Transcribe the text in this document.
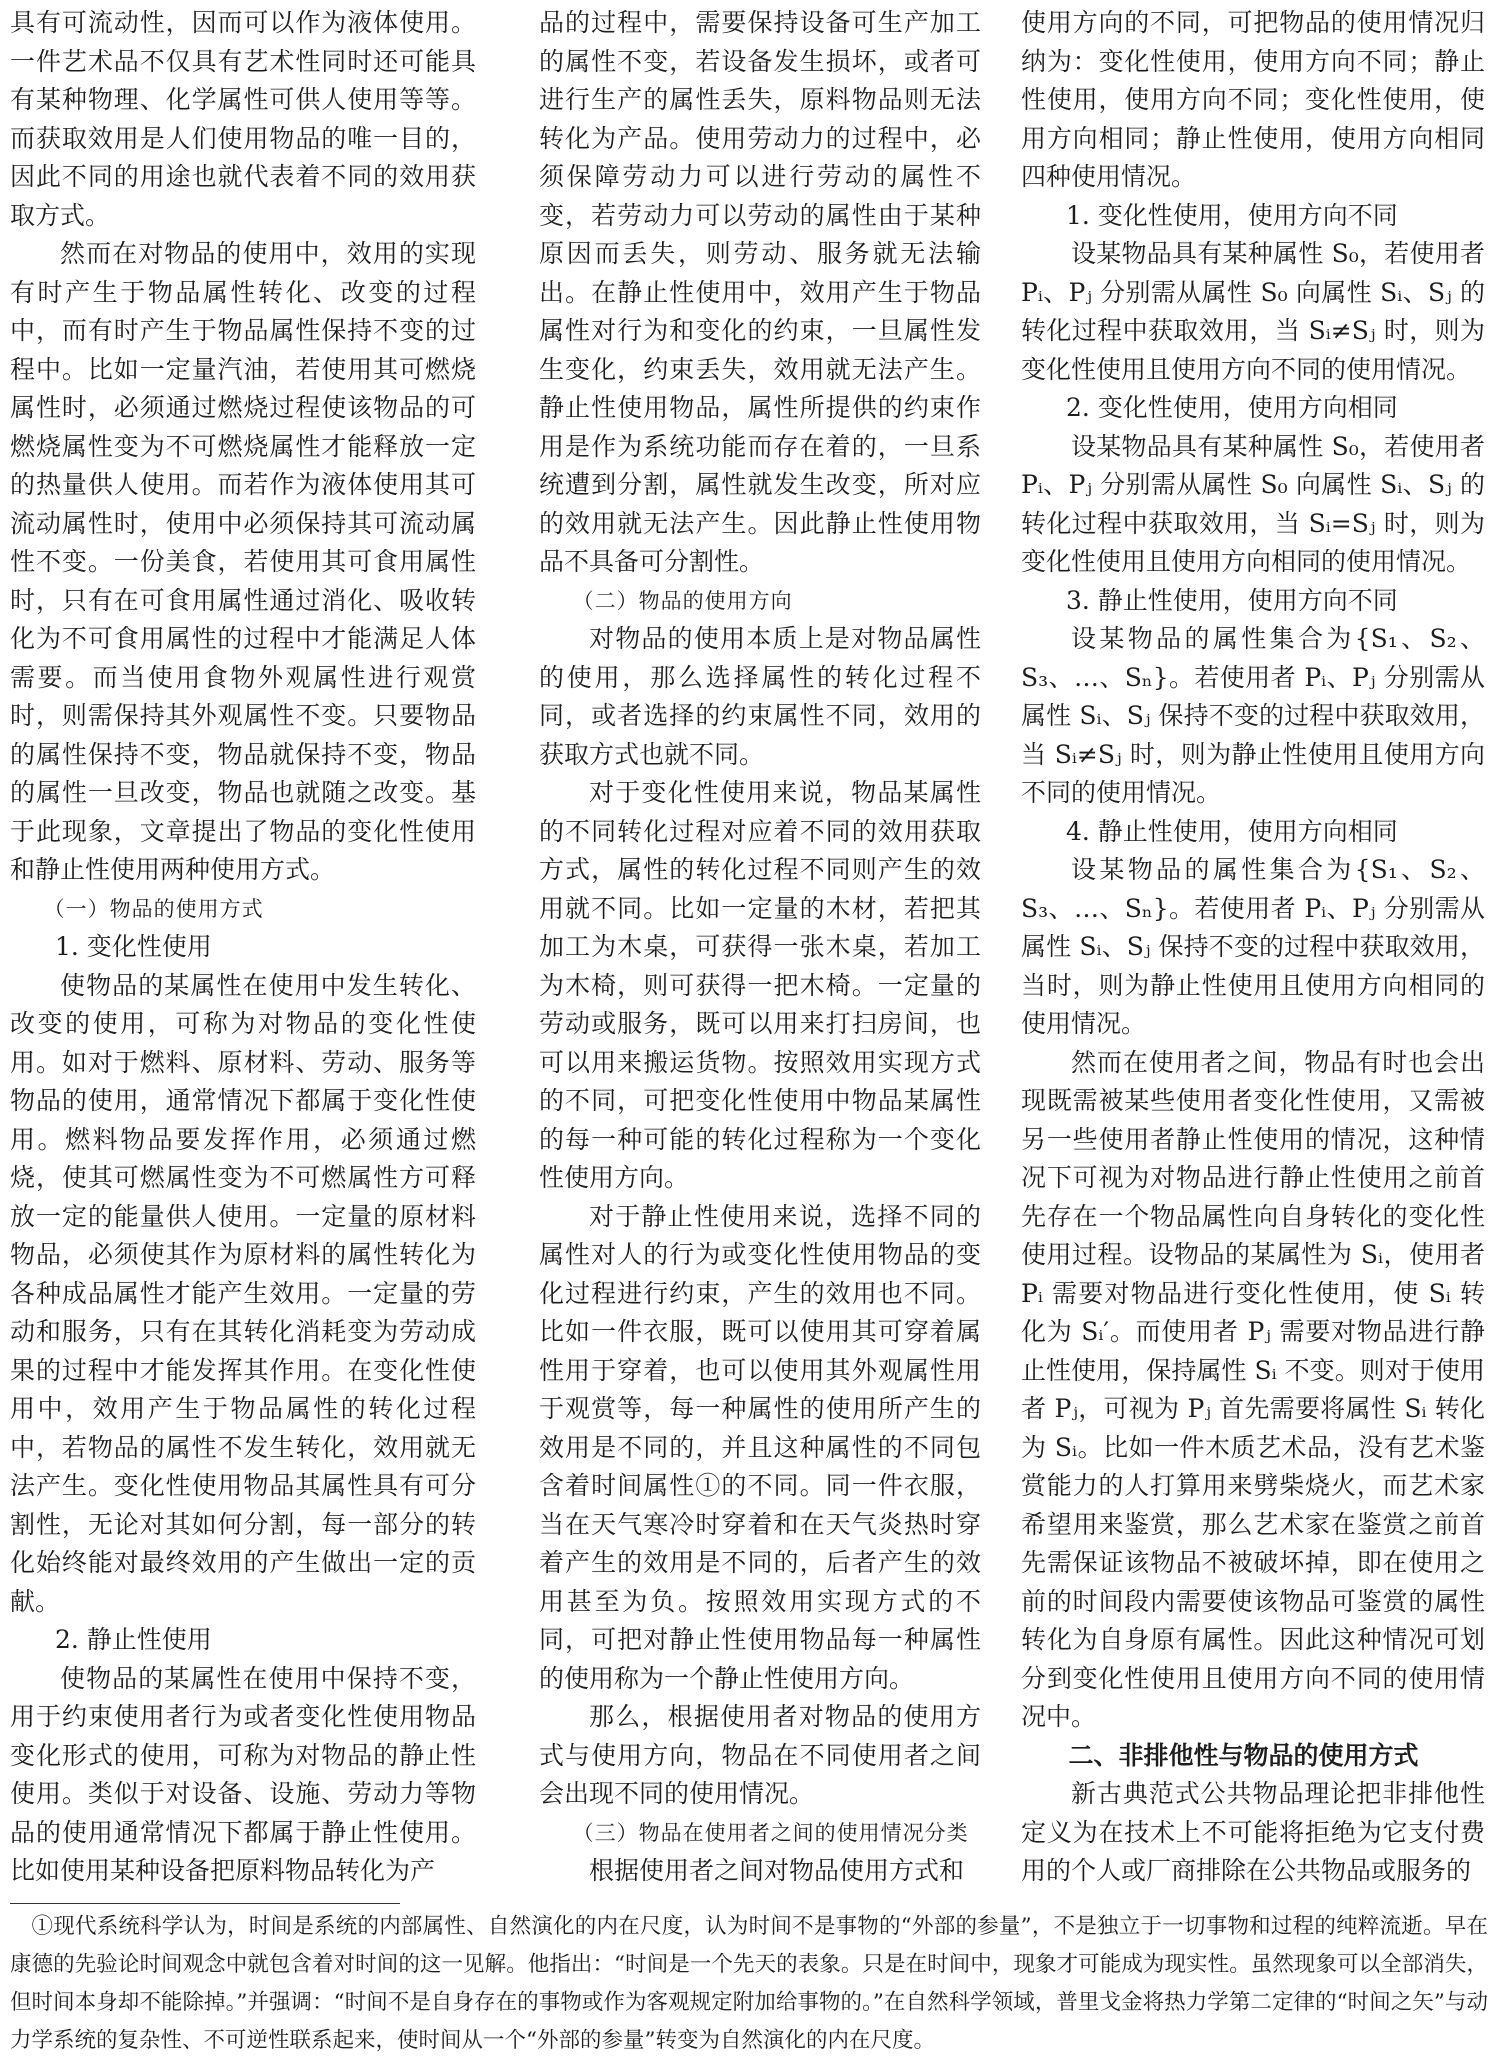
具有可流动性，因而可以作为液体使用。一件艺术品不仅具有艺术性同时还可能具有某种物理、化学属性可供人使用等等。而获取效用是人们使用物品的唯一目的，因此不同的用途也就代表着不同的效用获取方式。

然而在对物品的使用中，效用的实现有时产生于物品属性转化、改变的过程中，而有时产生于物品属性保持不变的过程中。比如一定量汽油，若使用其可燃烧属性时，必须通过燃烧过程使该物品的可燃烧属性变为不可燃烧属性才能释放一定的热量供人使用。而若作为液体使用其可流动属性时，使用中必须保持其可流动属性不变。一份美食，若使用其可食用属性时，只有在可食用属性通过消化、吸收转化为不可食用属性的过程中才能满足人体需要。而当使用食物外观属性进行观赏时，则需保持其外观属性不变。只要物品的属性保持不变，物品就保持不变，物品的属性一旦改变，物品也就随之改变。基于此现象，文章提出了物品的变化性使用和静止性使用两种使用方式。

（一）物品的使用方式

1. 变化性使用

使物品的某属性在使用中发生转化、改变的使用，可称为对物品的变化性使用。如对于燃料、原材料、劳动、服务等物品的使用，通常情况下都属于变化性使用。燃料物品要发挥作用，必须通过燃烧，使其可燃属性变为不可燃属性方可释放一定的能量供人使用。一定量的原材料物品，必须使其作为原材料的属性转化为各种成品属性才能产生效用。一定量的劳动和服务，只有在其转化消耗变为劳动成果的过程中才能发挥其作用。在变化性使用中，效用产生于物品属性的转化过程中，若物品的属性不发生转化，效用就无法产生。变化性使用物品其属性具有可分割性，无论对其如何分割，每一部分的转化始终能对最终效用的产生做出一定的贡献。

2. 静止性使用

使物品的某属性在使用中保持不变，用于约束使用者行为或者变化性使用物品变化形式的使用，可称为对物品的静止性使用。类似于对设备、设施、劳动力等物品的使用通常情况下都属于静止性使用。比如使用某种设备把原料物品转化为产

品的过程中，需要保持设备可生产加工的属性不变，若设备发生损坏，或者可进行生产的属性丢失，原料物品则无法转化为产品。使用劳动力的过程中，必须保障劳动力可以进行劳动的属性不变，若劳动力可以劳动的属性由于某种原因而丢失，则劳动、服务就无法输出。在静止性使用中，效用产生于物品属性对行为和变化的约束，一旦属性发生变化，约束丢失，效用就无法产生。静止性使用物品，属性所提供的约束作用是作为系统功能而存在着的，一旦系统遭到分割，属性就发生改变，所对应的效用就无法产生。因此静止性使用物品不具备可分割性。

（二）物品的使用方向

对物品的使用本质上是对物品属性的使用，那么选择属性的转化过程不同，或者选择的约束属性不同，效用的获取方式也就不同。

对于变化性使用来说，物品某属性的不同转化过程对应着不同的效用获取方式，属性的转化过程不同则产生的效用就不同。比如一定量的木材，若把其加工为木桌，可获得一张木桌，若加工为木椅，则可获得一把木椅。一定量的劳动或服务，既可以用来打扫房间，也可以用来搬运货物。按照效用实现方式的不同，可把变化性使用中物品某属性的每一种可能的转化过程称为一个变化性使用方向。

对于静止性使用来说，选择不同的属性对人的行为或变化性使用物品的变化过程进行约束，产生的效用也不同。比如一件衣服，既可以使用其可穿着属性用于穿着，也可以使用其外观属性用于观赏等，每一种属性的使用所产生的效用是不同的，并且这种属性的不同包含着时间属性①的不同。同一件衣服，当在天气寒冷时穿着和在天气炎热时穿着产生的效用是不同的，后者产生的效用甚至为负。按照效用实现方式的不同，可把对静止性使用物品每一种属性的使用称为一个静止性使用方向。

那么，根据使用者对物品的使用方式与使用方向，物品在不同使用者之间会出现不同的使用情况。

（三）物品在使用者之间的使用情况分类

根据使用者之间对物品使用方式和

使用方向的不同，可把物品的使用情况归纳为：变化性使用，使用方向不同；静止性使用，使用方向不同；变化性使用，使用方向相同；静止性使用，使用方向相同四种使用情况。

1. 变化性使用，使用方向不同

设某物品具有某种属性 S₀，若使用者 Pᵢ、Pⱼ 分别需从属性 S₀ 向属性 Sᵢ、Sⱼ 的转化过程中获取效用，当 Sᵢ≠Sⱼ 时，则为变化性使用且使用方向不同的使用情况。

2. 变化性使用，使用方向相同

设某物品具有某种属性 S₀，若使用者 Pᵢ、Pⱼ 分别需从属性 S₀ 向属性 Sᵢ、Sⱼ 的转化过程中获取效用，当 Sᵢ=Sⱼ 时，则为变化性使用且使用方向相同的使用情况。

3. 静止性使用，使用方向不同

设某物品的属性集合为{S₁、S₂、S₃、…、Sₙ}。若使用者 Pᵢ、Pⱼ 分别需从属性 Sᵢ、Sⱼ 保持不变的过程中获取效用，当 Sᵢ≠Sⱼ 时，则为静止性使用且使用方向不同的使用情况。

4. 静止性使用，使用方向相同

设某物品的属性集合为{S₁、S₂、S₃、…、Sₙ}。若使用者 Pᵢ、Pⱼ 分别需从属性 Sᵢ、Sⱼ 保持不变的过程中获取效用，当时，则为静止性使用且使用方向相同的使用情况。

然而在使用者之间，物品有时也会出现既需被某些使用者变化性使用，又需被另一些使用者静止性使用的情况，这种情况下可视为对物品进行静止性使用之前首先存在一个物品属性向自身转化的变化性使用过程。设物品的某属性为 Sᵢ，使用者 Pᵢ 需要对物品进行变化性使用，使 Sᵢ 转化为 Sᵢ′。而使用者 Pⱼ 需要对物品进行静止性使用，保持属性 Sᵢ 不变。则对于使用者 Pⱼ，可视为 Pⱼ 首先需要将属性 Sᵢ 转化为 Sᵢ。比如一件木质艺术品，没有艺术鉴赏能力的人打算用来劈柴烧火，而艺术家希望用来鉴赏，那么艺术家在鉴赏之前首先需保证该物品不被破坏掉，即在使用之前的时间段内需要使该物品可鉴赏的属性转化为自身原有属性。因此这种情况可划分到变化性使用且使用方向不同的使用情况中。

二、非排他性与物品的使用方式

新古典范式公共物品理论把非排他性定义为在技术上不可能将拒绝为它支付费用的个人或厂商排除在公共物品或服务的

①现代系统科学认为，时间是系统的内部属性、自然演化的内在尺度，认为时间不是事物的“外部的参量”，不是独立于一切事物和过程的纯粹流逝。早在康德的先验论时间观念中就包含着对时间的这一见解。他指出：“时间是一个先天的表象。只是在时间中，现象才可能成为现实性。虽然现象可以全部消失，但时间本身却不能除掉。”并强调：“时间不是自身存在的事物或作为客观规定附加给事物的。”在自然科学领域，普里戈金将热力学第二定律的“时间之矢”与动力学系统的复杂性、不可逆性联系起来，使时间从一个“外部的参量”转变为自然演化的内在尺度。
